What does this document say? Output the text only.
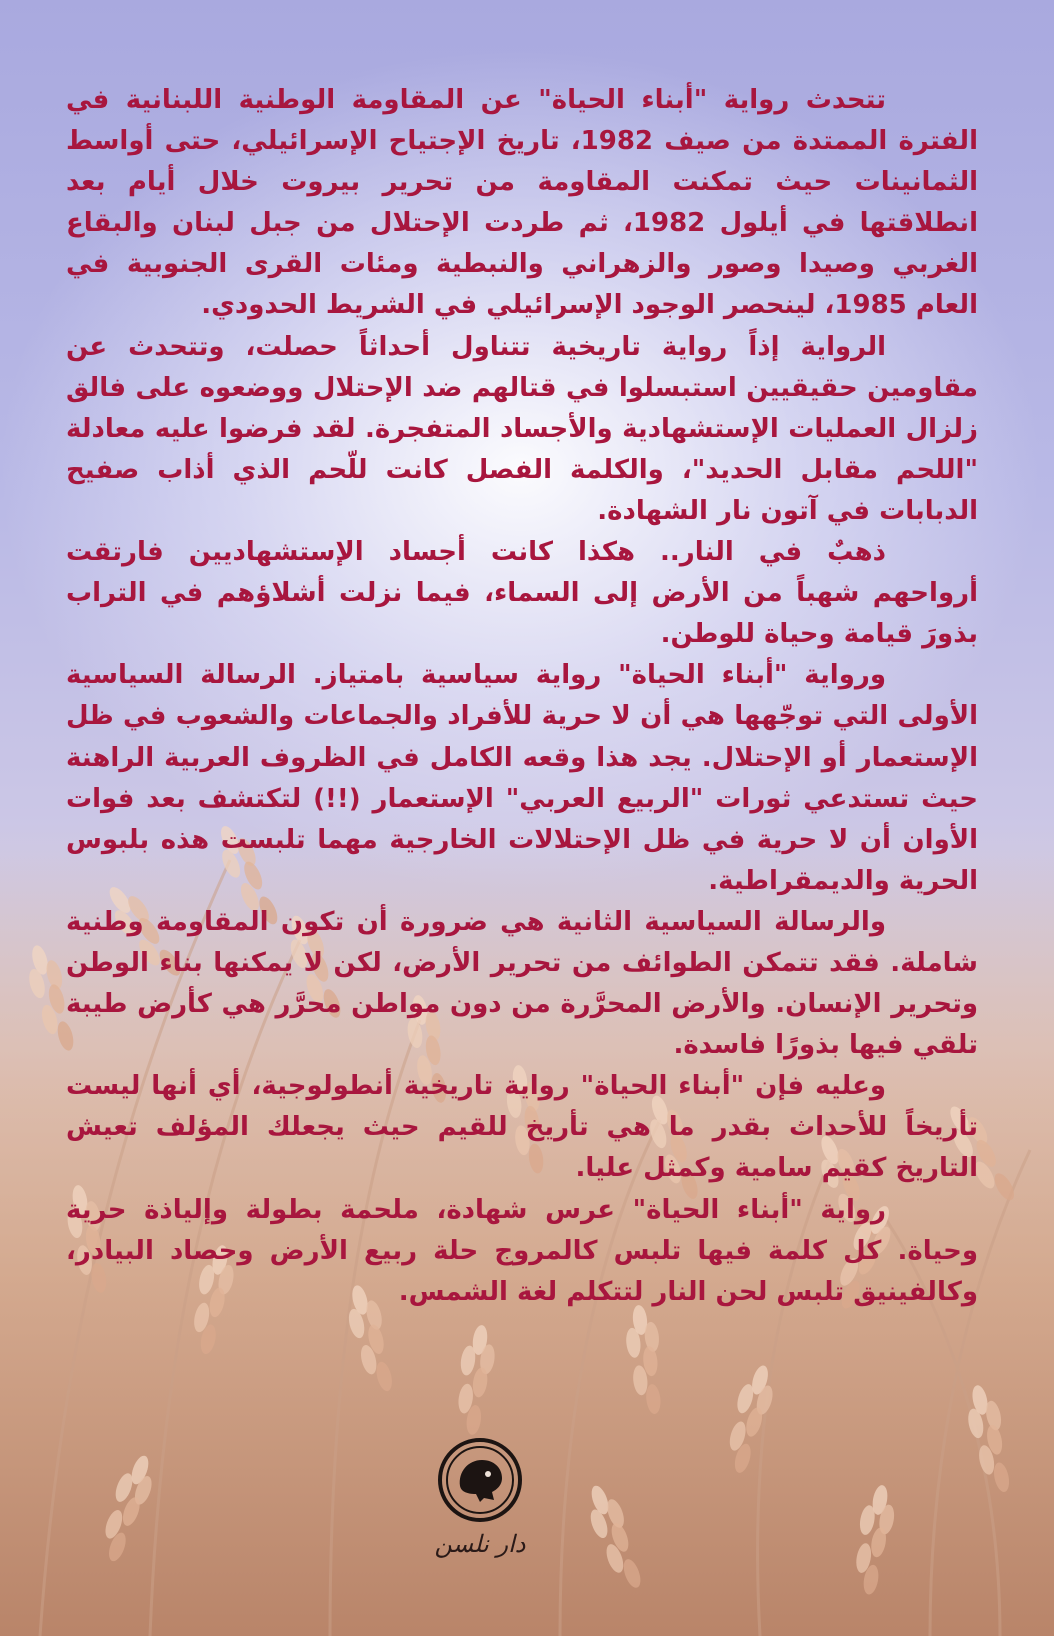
تتحدث رواية "أبناء الحياة" عن المقاومة الوطنية اللبنانية في الفترة الممتدة من صيف 1982، تاريخ الإجتياح الإسرائيلي، حتى أواسط الثمانينات حيث تمكنت المقاومة من تحرير بيروت خلال أيام بعد انطلاقتها في أيلول 1982، ثم طردت الإحتلال من جبل لبنان والبقاع الغربي وصيدا وصور والزهراني والنبطية ومئات القرى الجنوبية في العام 1985، لينحصر الوجود الإسرائيلي في الشريط الحدودي.

الرواية إذاً رواية تاريخية تتناول أحداثاً حصلت، وتتحدث عن مقاومين حقيقيين استبسلوا في قتالهم ضد الإحتلال ووضعوه على فالق زلزال العمليات الإستشهادية والأجساد المتفجرة. لقد فرضوا عليه معادلة "اللحم مقابل الحديد"، والكلمة الفصل كانت للّحم الذي أذاب صفيح الدبابات في آتون نار الشهادة.

ذهبٌ في النار.. هكذا كانت أجساد الإستشهاديين فارتقت أرواحهم شهباً من الأرض إلى السماء، فيما نزلت أشلاؤهم في التراب بذورَ قيامة وحياة للوطن.

ورواية "أبناء الحياة" رواية سياسية بامتياز. الرسالة السياسية الأولى التي توجّهها هي أن لا حرية للأفراد والجماعات والشعوب في ظل الإستعمار أو الإحتلال. يجد هذا وقعه الكامل في الظروف العربية الراهنة حيث تستدعي ثورات "الربيع العربي" الإستعمار (!!) لتكتشف بعد فوات الأوان أن لا حرية في ظل الإحتلالات الخارجية مهما تلبست هذه بلبوس الحرية والديمقراطية.

والرسالة السياسية الثانية هي ضرورة أن تكون المقاومة وطنية شاملة. فقد تتمكن الطوائف من تحرير الأرض، لكن لا يمكنها بناء الوطن وتحرير الإنسان. والأرض المحرَّرة من دون مواطن محرَّر هي كأرض طيبة تلقي فيها بذورًا فاسدة.

وعليه فإن "أبناء الحياة" رواية تاريخية أنطولوجية، أي أنها ليست تأريخاً للأحداث بقدر ما هي تأريخ للقيم حيث يجعلك المؤلف تعيش التاريخ كقيم سامية وكمثل عليا.

رواية "أبناء الحياة" عرس شهادة، ملحمة بطولة وإلياذة حرية وحياة. كل كلمة فيها تلبس كالمروج حلة ربيع الأرض وحصاد البيادر، وكالفينيق تلبس لحن النار لتتكلم لغة الشمس.

دار نلسن
